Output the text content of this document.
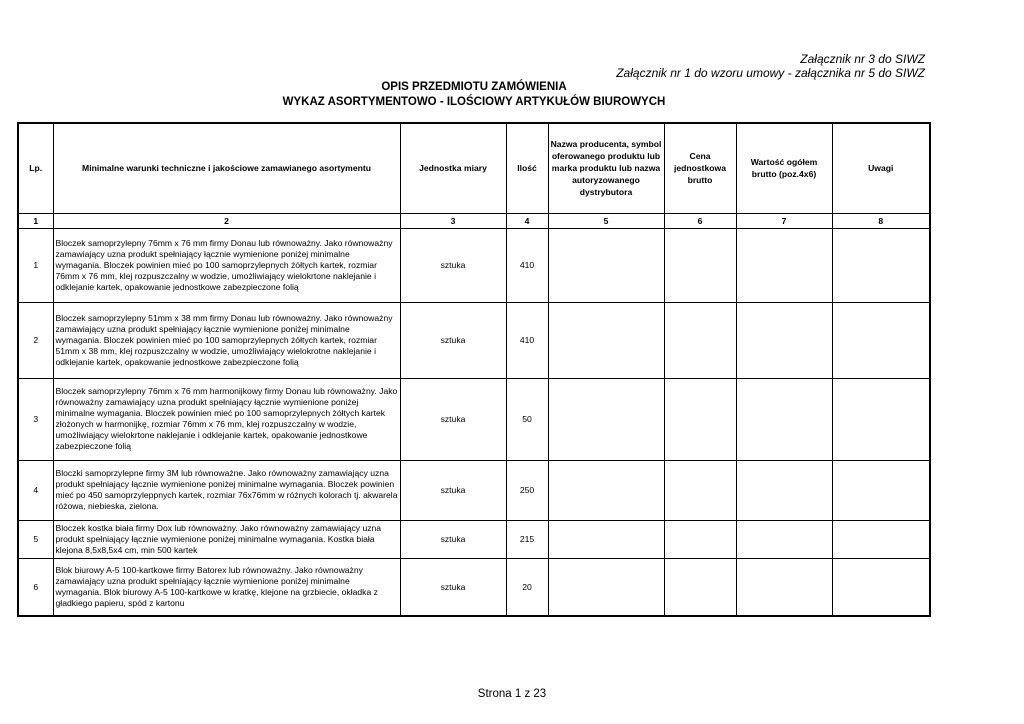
Załącznik nr 3 do SIWZ
Załącznik nr 1 do wzoru umowy - załącznika nr 5 do SIWZ
OPIS PRZEDMIOTU ZAMÓWIENIA
WYKAZ ASORTYMENTOWO - ILOŚCIOWY ARTYKUŁÓW BIUROWYCH
Lp.	Minimalne warunki techniczne i jakościowe zamawianego asortymentu	Jednostka miary	Ilość	Nazwa producenta, symbol oferowanego produktu lub marka produktu lub nazwa autoryzowanego dystrybutora	Cena jednostkowa brutto	Wartość ogółem brutto (poz.4x6)	Uwagi
1	2	3	4	5	6	7	8
1	Bloczek samoprzylepny 76mm x 76 mm firmy Donau lub równoważny. Jako równoważny zamawiający uzna produkt spełniający łącznie wymienione poniżej minimalne wymagania. Bloczek powinien mieć po 100 samoprzylepnych żółtych kartek, rozmiar 76mm x 76 mm, klej rozpuszczalny w wodzie, umożliwiający wielokrtone naklejanie i odklejanie kartek, opakowanie jednostkowe zabezpieczone folią	sztuka	410				
2	Bloczek samoprzylepny 51mm x 38 mm firmy Donau lub równoważny. Jako równoważny zamawiający uzna produkt spełniający łącznie wymienione poniżej minimalne wymagania. Bloczek powinien mieć po 100 samoprzylepnych żółtych kartek, rozmiar 51mm x 38 mm, klej rozpuszczalny w wodzie, umożliwiający wielokrotne naklejanie i odklejanie kartek, opakowanie jednostkowe zabezpieczone folią	sztuka	410				
3	Bloczek samoprzylepny 76mm x 76 mm harmonijkowy firmy Donau lub równoważny. Jako równoważny zamawiający uzna produkt spełniający łącznie wymienione poniżej minimalne wymagania. Bloczek powinien mieć po 100 samoprzylepnych żółtych kartek złożonych w harmonijkę, rozmiar 76mm x 76 mm, klej rozpuszczalny w wodzie, umożliwiający wielokrtone naklejanie i odklejanie kartek, opakowanie jednostkowe zabezpieczone folią	sztuka	50				
4	Bloczki samoprzylepne firmy 3M lub równoważne. Jako równoważny zamawiający uzna produkt spełniający łącznie wymienione poniżej minimalne wymagania. Bloczek powinien mieć po 450 samoprzyleppnych kartek, rozmiar 76x76mm w różnych kolorach tj. akwarela różowa, niebieska, zielona.	sztuka	250				
5	Bloczek kostka biała firmy Dox lub równoważny. Jako równoważny zamawiający uzna produkt spełniający łącznie wymienione poniżej minimalne wymagania. Kostka biała klejona 8,5x8,5x4 cm, min 500 kartek	sztuka	215				
6	Blok biurowy A-5 100-kartkowe firmy Batorex lub równoważny. Jako równoważny zamawiający uzna produkt spełniający łącznie wymienione poniżej minimalne wymagania. Blok biurowy A-5 100-kartkowe w kratkę, klejone na grzbiecie, okładka z gładkiego papieru, spód z kartonu	sztuka	20				
Strona 1 z 23
